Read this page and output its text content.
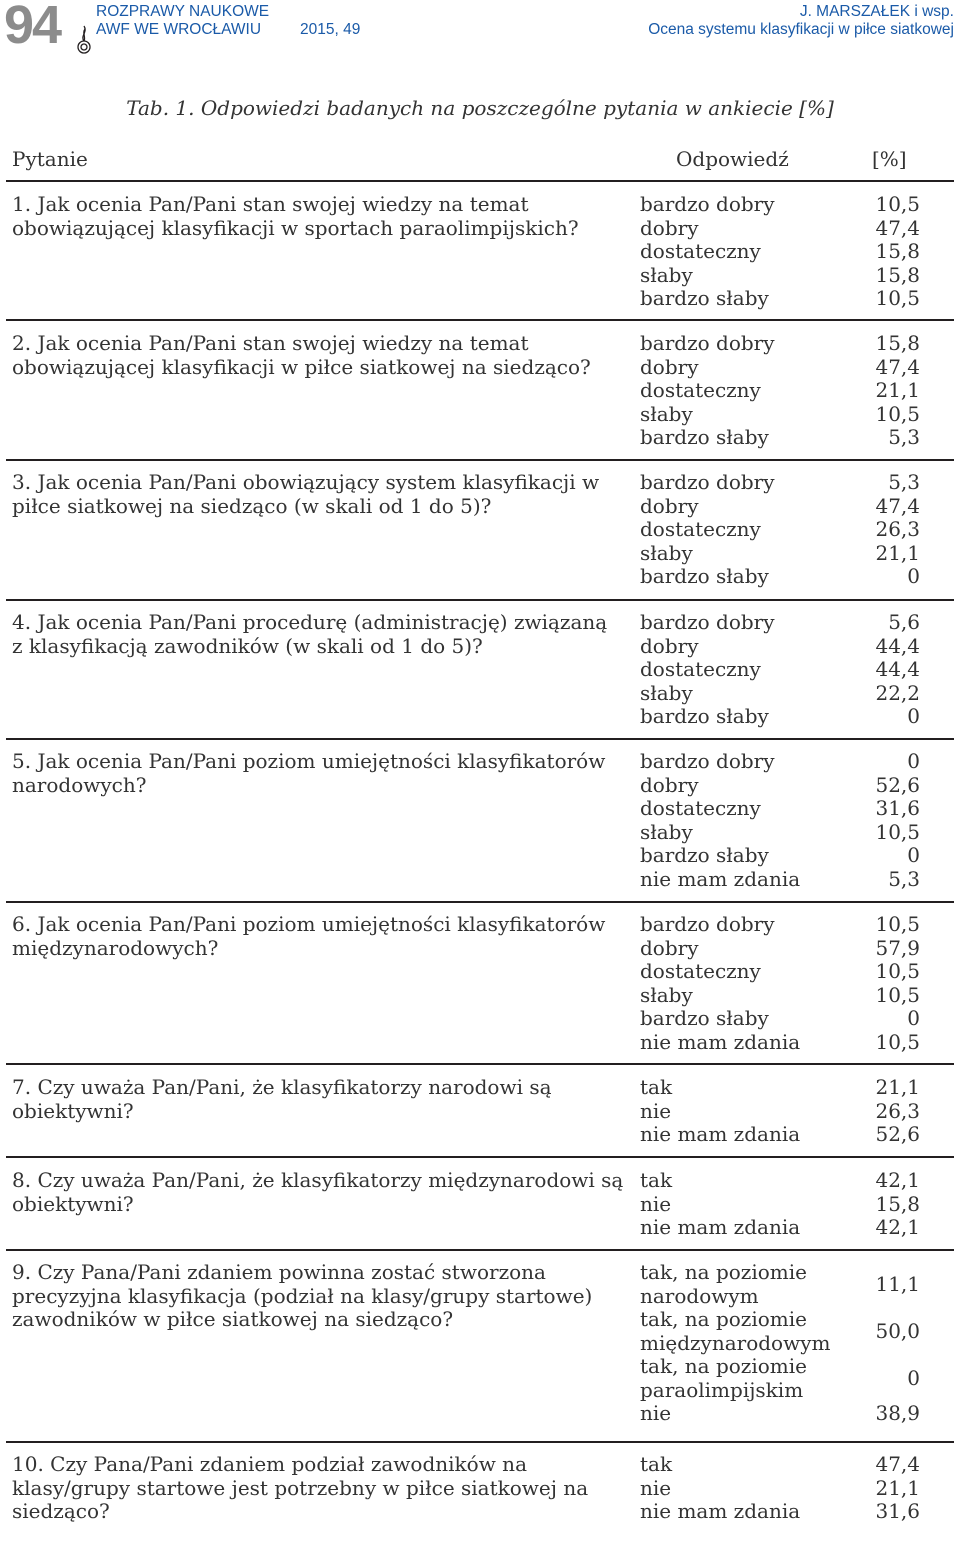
94 ROZPRAWY NAUKOWE
AWF WE WROCŁAWIU	2015, 49
J. MARSZAŁEK i wsp.
Ocena systemu klasyfikacji w piłce siatkowej
Tab. 1. Odpowiedzi badanych na poszczególne pytania w ankiecie [%]
Pytanie	Odpowiedź	[%]
1. Jak ocenia Pan/Pani stan swojej wiedzy na temat obowiązującej klasyfikacji w sportach paraolimpijskich?
bardzo dobry	10,5
dobry	47,4
dostateczny	15,8
słaby	15,8
bardzo słaby	10,5
2. Jak ocenia Pan/Pani stan swojej wiedzy na temat obowiązującej klasyfikacji w piłce siatkowej na siedząco?
bardzo dobry	15,8
dobry	47,4
dostateczny	21,1
słaby	10,5
bardzo słaby	5,3
3. Jak ocenia Pan/Pani obowiązujący system klasyfikacji w piłce siatkowej na siedząco (w skali od 1 do 5)?
bardzo dobry	5,3
dobry	47,4
dostateczny	26,3
słaby	21,1
bardzo słaby	0
4. Jak ocenia Pan/Pani procedurę (administrację) związaną z klasyfikacją zawodników (w skali od 1 do 5)?
bardzo dobry	5,6
dobry	44,4
dostateczny	44,4
słaby	22,2
bardzo słaby	0
5. Jak ocenia Pan/Pani poziom umiejętności klasyfikatorów narodowych?
bardzo dobry	0
dobry	52,6
dostateczny	31,6
słaby	10,5
bardzo słaby	0
nie mam zdania	5,3
6. Jak ocenia Pan/Pani poziom umiejętności klasyfikatorów międzynarodowych?
bardzo dobry	10,5
dobry	57,9
dostateczny	10,5
słaby	10,5
bardzo słaby	0
nie mam zdania	10,5
7. Czy uważa Pan/Pani, że klasyfikatorzy narodowi są obiektywni?
tak	21,1
nie	26,3
nie mam zdania	52,6
8. Czy uważa Pan/Pani, że klasyfikatorzy międzynarodowi są obiektywni?
tak	42,1
nie	15,8
nie mam zdania	42,1
9. Czy Pana/Pani zdaniem powinna zostać stworzona precyzyjna klasyfikacja (podział na klasy/grupy startowe) zawodników w piłce siatkowej na siedząco?
tak, na poziomie narodowym	11,1
tak, na poziomie międzynarodowym	50,0
tak, na poziomie paraolimpijskim	0
nie	38,9
10. Czy Pana/Pani zdaniem podział zawodników na klasy/grupy startowe jest potrzebny w piłce siatkowej na siedząco?
tak	47,4
nie	21,1
nie mam zdania	31,6
